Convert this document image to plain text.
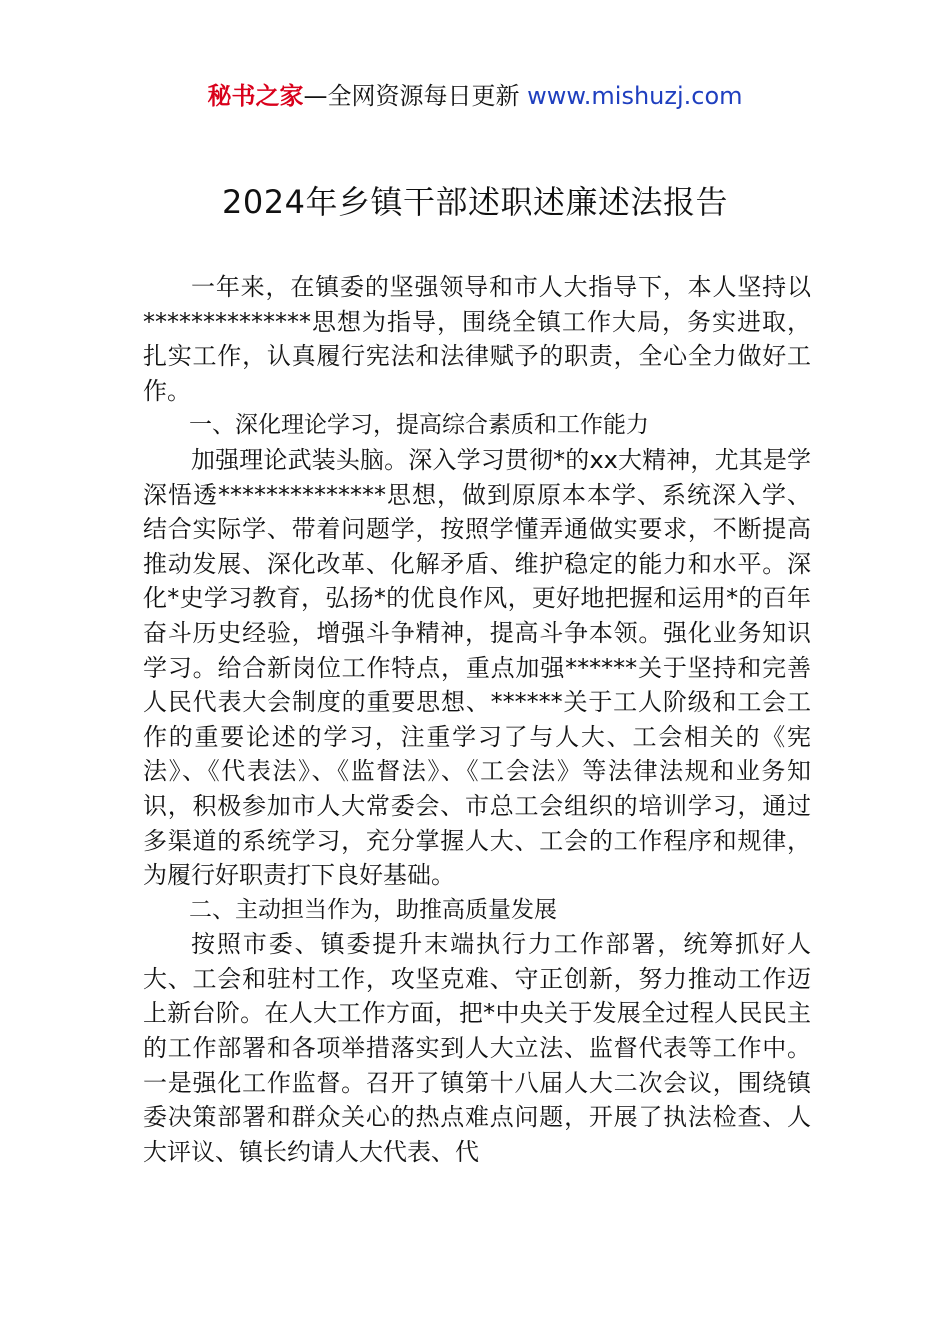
秘书之家—全网资源每日更新 www.mishuzj.com
2024年乡镇干部述职述廉述法报告

一年来，在镇委的坚强领导和市人大指导下，本人坚持以**************思想为指导，围绕全镇工作大局，务实进取，扎实工作，认真履行宪法和法律赋予的职责，全心全力做好工作。

一、深化理论学习，提高综合素质和工作能力

加强理论武装头脑。深入学习贯彻*的xx大精神，尤其是学深悟透**************思想，做到原原本本学、系统深入学、结合实际学、带着问题学，按照学懂弄通做实要求，不断提高推动发展、深化改革、化解矛盾、维护稳定的能力和水平。深化*史学习教育，弘扬*的优良作风，更好地把握和运用*的百年奋斗历史经验，增强斗争精神，提高斗争本领。强化业务知识学习。给合新岗位工作特点，重点加强******关于坚持和完善人民代表大会制度的重要思想、******关于工人阶级和工会工作的重要论述的学习，注重学习了与人大、工会相关的《宪法》、《代表法》、《监督法》、《工会法》等法律法规和业务知识，积极参加市人大常委会、市总工会组织的培训学习，通过多渠道的系统学习，充分掌握人大、工会的工作程序和规律，为履行好职责打下良好基础。

二、主动担当作为，助推高质量发展

按照市委、镇委提升末端执行力工作部署，统筹抓好人大、工会和驻村工作，攻坚克难、守正创新，努力推动工作迈上新台阶。在人大工作方面，把*中央关于发展全过程人民民主的工作部署和各项举措落实到人大立法、监督代表等工作中。一是强化工作监督。召开了镇第十八届人大二次会议，围绕镇委决策部署和群众关心的热点难点问题，开展了执法检查、人大评议、镇长约请人大代表、代
